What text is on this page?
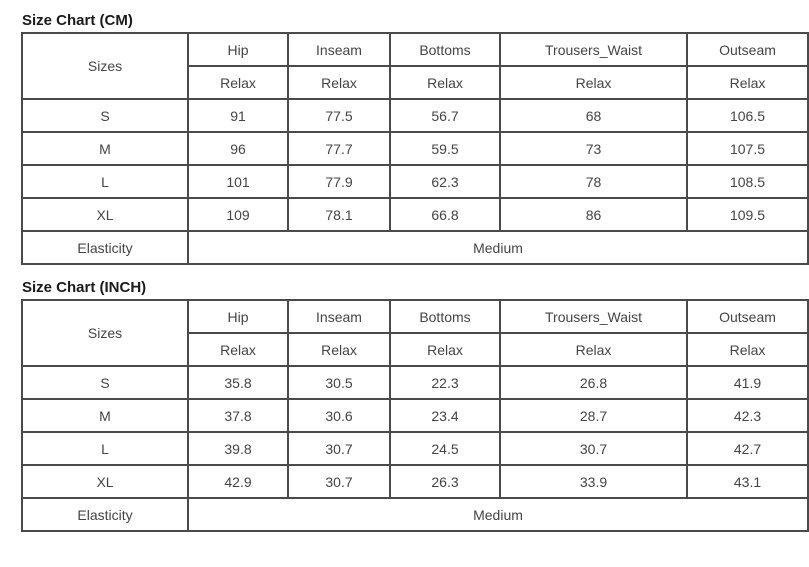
Size Chart (CM)
Sizes	Hip	Inseam	Bottoms	Trousers_Waist	Outseam
	Relax	Relax	Relax	Relax	Relax
S	91	77.5	56.7	68	106.5
M	96	77.7	59.5	73	107.5
L	101	77.9	62.3	78	108.5
XL	109	78.1	66.8	86	109.5
Elasticity	Medium				
Size Chart (INCH)
Sizes	Hip	Inseam	Bottoms	Trousers_Waist	Outseam
	Relax	Relax	Relax	Relax	Relax
S	35.8	30.5	22.3	26.8	41.9
M	37.8	30.6	23.4	28.7	42.3
L	39.8	30.7	24.5	30.7	42.7
XL	42.9	30.7	26.3	33.9	43.1
Elasticity	Medium				
